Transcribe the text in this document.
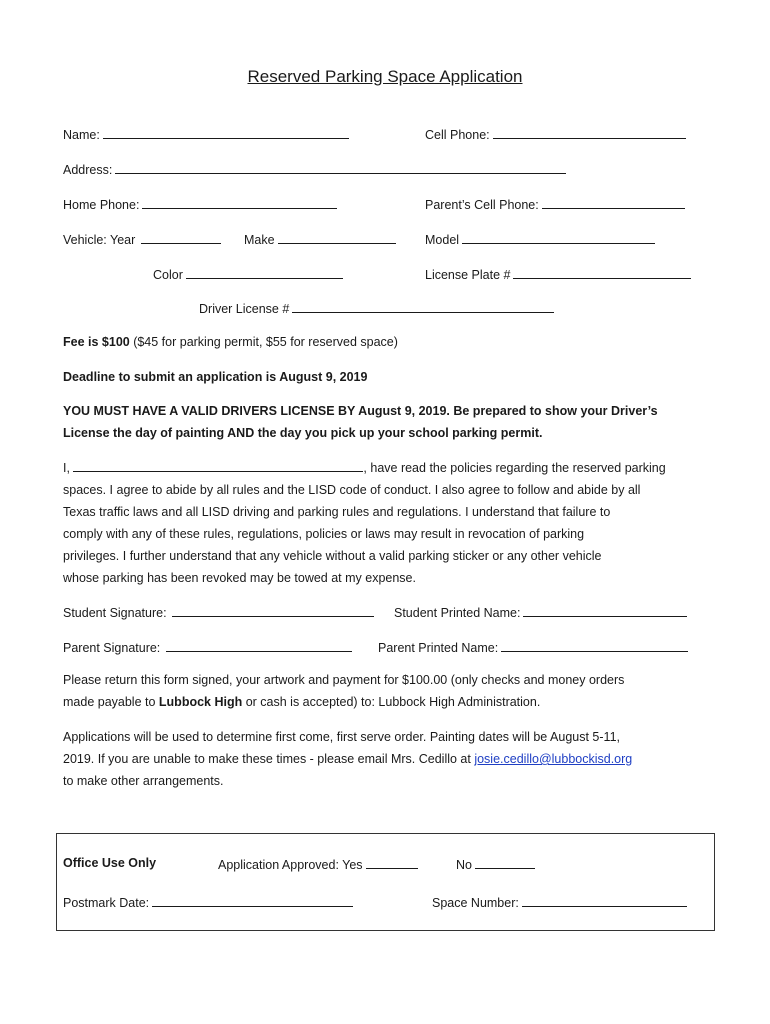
Reserved Parking Space Application
Name:	Cell Phone:
Address:
Home Phone:	Parent’s Cell Phone:
Vehicle: Year	Make	Model
Color	License Plate #
Driver License #
Fee is $100 ($45 for parking permit, $55 for reserved space)
Deadline to submit an application is August 9, 2019
YOU MUST HAVE A VALID DRIVERS LICENSE BY August 9, 2019. Be prepared to show your Driver’s
License the day of painting AND the day you pick up your school parking permit.
I,	, have read the policies regarding the reserved parking
spaces. I agree to abide by all rules and the LISD code of conduct. I also agree to follow and abide by all
Texas traffic laws and all LISD driving and parking rules and regulations. I understand that failure to
comply with any of these rules, regulations, policies or laws may result in revocation of parking
privileges. I further understand that any vehicle without a valid parking sticker or any other vehicle
whose parking has been revoked may be towed at my expense.
Student Signature:	Student Printed Name:
Parent Signature:	Parent Printed Name:
Please return this form signed, your artwork and payment for $100.00 (only checks and money orders
made payable to Lubbock High or cash is accepted) to: Lubbock High Administration.
Applications will be used to determine first come, first serve order. Painting dates will be August 5-11,
2019. If you are unable to make these times - please email Mrs. Cedillo at josie.cedillo@lubbockisd.org
to make other arrangements.
Office Use Only	Application Approved: Yes	No
Postmark Date:	Space Number:
